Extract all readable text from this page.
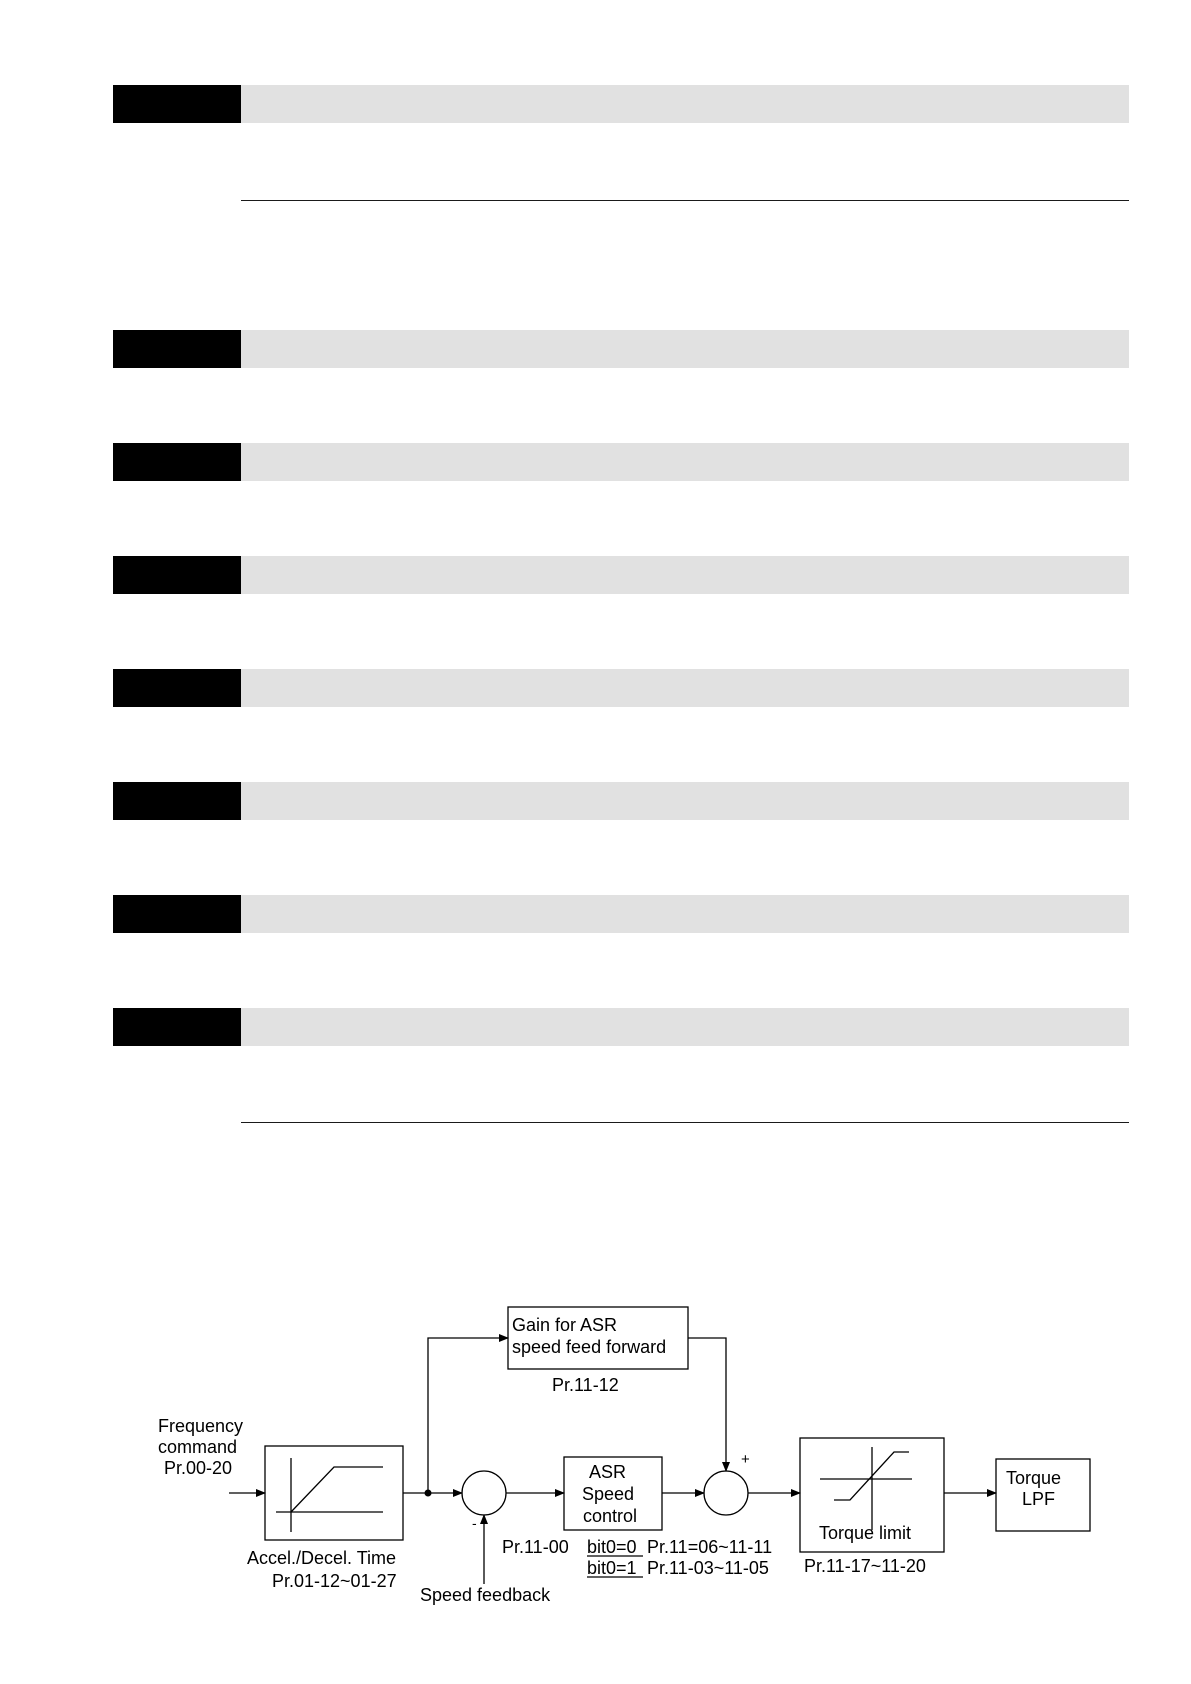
Gain for ASR
speed feed forward
Pr.11-12
Frequency
command
Pr.00-20
Accel./Decel. Time
Pr.01-12~01-27
-
+
Speed feedback
ASR
Speed
control
Pr.11-00 bit0=0 Pr.11=06~11-11
bit0=1 Pr.11-03~11-05
Torque limit
Pr.11-17~11-20
Torque
LPF
